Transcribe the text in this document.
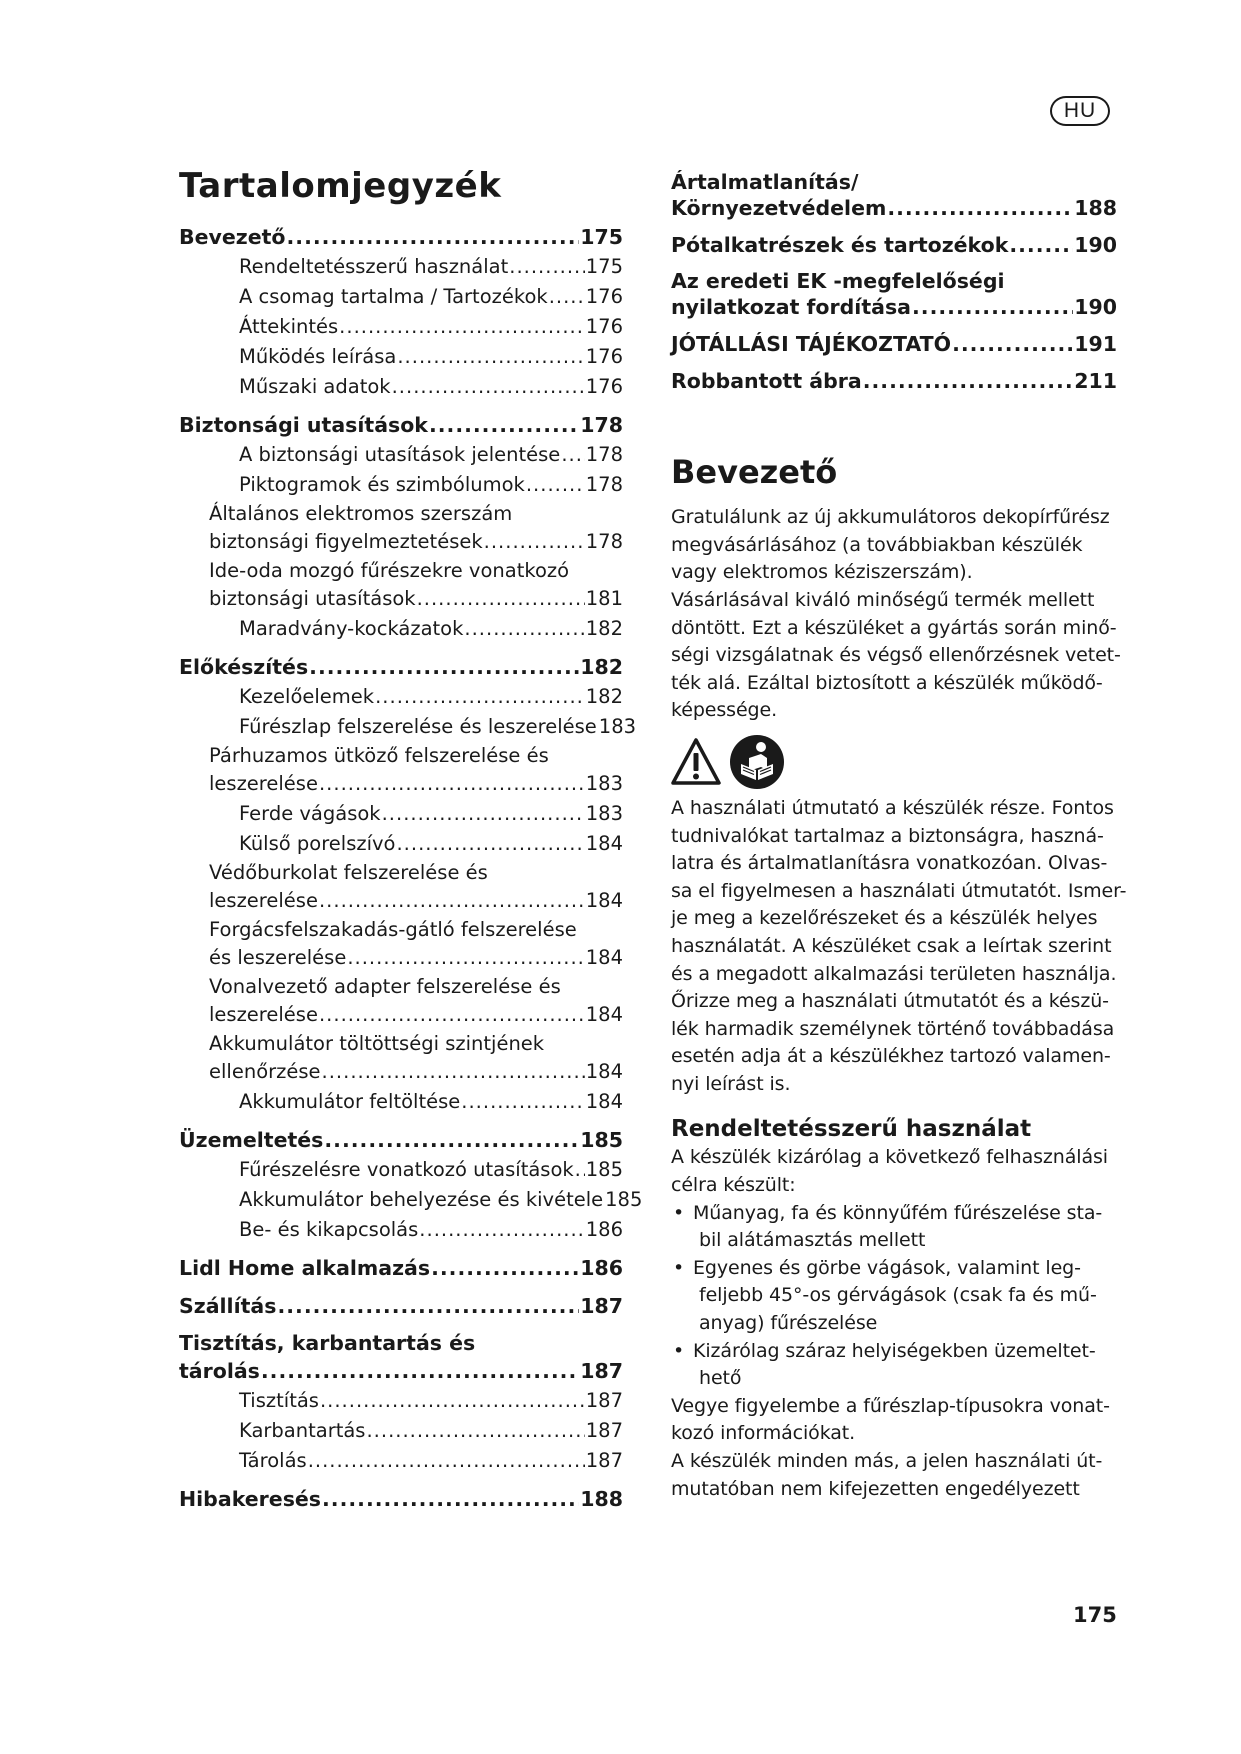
HU
Tartalomjegyzék
Bevezető .....	175
Rendeltetésszerű használat .....	175
A csomag tartalma / Tartozékok ..... 176
Áttekintés .....	176
Működés leírása .....	176
Műszaki adatok .....	176
Biztonsági utasítások .....	178
A biztonsági utasítások jelentése ..... 178
Piktogramok és szimbólumok .....	178
Általános elektromos szerszám
biztonsági figyelmeztetések .....	178
Ide-oda mozgó fűrészekre vonatkozó
biztonsági utasítások .....	181
Maradvány-kockázatok .....	182
Előkészítés .....	182
Kezelőelemek .....	182
Fűrészlap felszerelése és leszerelése 183
Párhuzamos ütköző felszerelése és
leszerelése .....	183
Ferde vágások .....	183
Külső porelszívó .....	184
Védőburkolat felszerelése és
leszerelése .....	184
Forgácsfelszakadás-gátló felszerelése
és leszerelése .....	184
Vonalvezető adapter felszerelése és
leszerelése .....	184
Akkumulátor töltöttségi szintjének
ellenőrzése .....	184
Akkumulátor feltöltése .....	184
Üzemeltetés .....	185
Fűrészelésre vonatkozó utasítások ..... 185
Akkumulátor behelyezése és kivétele 185
Be- és kikapcsolás .....	186
Lidl Home alkalmazás .....	186
Szállítás .....	187
Tisztítás, karbantartás és
tárolás .....	187
Tisztítás .....	187
Karbantartás .....	187
Tárolás .....	187
Hibakeresés .....	188
Ártalmatlanítás/
Környezetvédelem .....	188
Pótalkatrészek és tartozékok .....	190
Az eredeti EK -megfelelőségi
nyilatkozat fordítása .....	190
JÓTÁLLÁSI TÁJÉKOZTATÓ .....	191
Robbantott ábra .....	211
Bevezető

Gratulálunk az új akkumulátoros dekopírfűrész
megvásárlásához (a továbbiakban készülék
vagy elektromos kéziszerszám).

Vásárlásával kiváló minőségű termék mellett
döntött. Ezt a készüléket a gyártás során minő-
ségi vizsgálatnak és végső ellenőrzésnek vetet-
ték alá. Ezáltal biztosított a készülék működő-
képessége.

A használati útmutató a készülék része. Fontos
tudnivalókat tartalmaz a biztonságra, haszná-
latra és ártalmatlanításra vonatkozóan. Olvas-
sa el figyelmesen a használati útmutatót. Ismer-
je meg a kezelőrészeket és a készülék helyes
használatát. A készüléket csak a leírtak szerint
és a megadott alkalmazási területen használja.
Őrizze meg a használati útmutatót és a készü-
lék harmadik személynek történő továbbadása
esetén adja át a készülékhez tartozó valamen-
nyi leírást is.

Rendeltetésszerű használat

A készülék kizárólag a következő felhasználási
célra készült:

• Műanyag, fa és könnyűfém fűrészelése sta-
bil alátámasztás mellett
• Egyenes és görbe vágások, valamint leg-
feljebb 45°-os gérvágások (csak fa és mű-
anyag) fűrészelése
• Kizárólag száraz helyiségekben üzemeltet-
hető

Vegye figyelembe a fűrészlap-típusokra vonat-
kozó információkat.

A készülék minden más, a jelen használati út-
mutatóban nem kifejezetten engedélyezett

175
